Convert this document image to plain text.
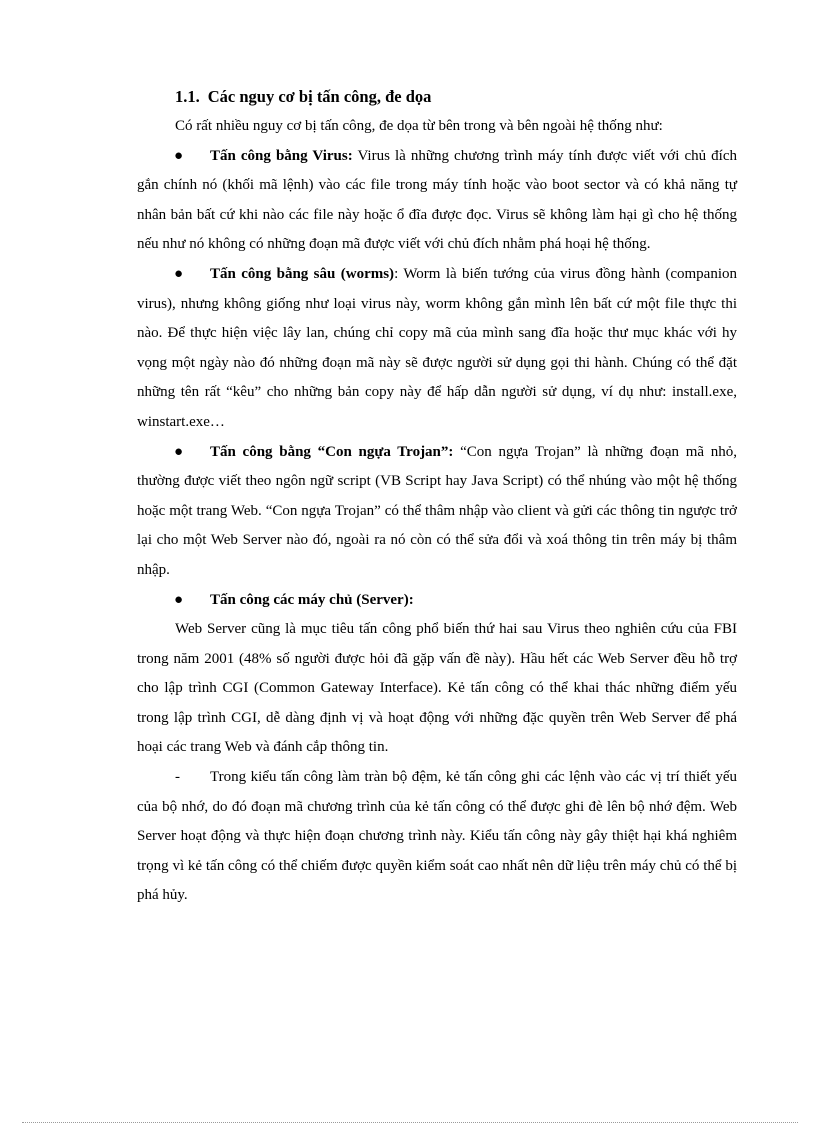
1.1. Các nguy cơ bị tấn công, đe dọa

Có rất nhiều nguy cơ bị tấn công, đe dọa từ bên trong và bên ngoài hệ thống như:

● Tấn công bằng Virus: Virus là những chương trình máy tính được viết với chủ đích gắn chính nó (khối mã lệnh) vào các file trong máy tính hoặc vào boot sector và có khả năng tự nhân bản bất cứ khi nào các file này hoặc ổ đĩa được đọc. Virus sẽ không làm hại gì cho hệ thống nếu như nó không có những đoạn mã được viết với chủ đích nhằm phá hoại hệ thống.

● Tấn công bằng sâu (worms): Worm là biến tướng của virus đồng hành (companion virus), nhưng không giống như loại virus này, worm không gắn mình lên bất cứ một file thực thi nào. Để thực hiện việc lây lan, chúng chỉ copy mã của mình sang đĩa hoặc thư mục khác với hy vọng một ngày nào đó những đoạn mã này sẽ được người sử dụng gọi thi hành. Chúng có thể đặt những tên rất “kêu” cho những bản copy này để hấp dẫn người sử dụng, ví dụ như: install.exe, winstart.exe…

● Tấn công bằng “Con ngựa Trojan”: “Con ngựa Trojan” là những đoạn mã nhỏ, thường được viết theo ngôn ngữ script (VB Script hay Java Script) có thể nhúng vào một hệ thống hoặc một trang Web. “Con ngựa Trojan” có thể thâm nhập vào client và gửi các thông tin ngược trở lại cho một Web Server nào đó, ngoài ra nó còn có thể sửa đổi và xoá thông tin trên máy bị thâm nhập.

● Tấn công các máy chủ (Server):

Web Server cũng là mục tiêu tấn công phổ biến thứ hai sau Virus theo nghiên cứu của FBI trong năm 2001 (48% số người được hỏi đã gặp vấn đề này). Hầu hết các Web Server đều hỗ trợ cho lập trình CGI (Common Gateway Interface). Kẻ tấn công có thể khai thác những điểm yếu trong lập trình CGI, dễ dàng định vị và hoạt động với những đặc quyền trên Web Server để phá hoại các trang Web và đánh cắp thông tin.

- Trong kiểu tấn công làm tràn bộ đệm, kẻ tấn công ghi các lệnh vào các vị trí thiết yếu của bộ nhớ, do đó đoạn mã chương trình của kẻ tấn công có thể được ghi đè lên bộ nhớ đệm. Web Server hoạt động và thực hiện đoạn chương trình này. Kiểu tấn công này gây thiệt hại khá nghiêm trọng vì kẻ tấn công có thể chiếm được quyền kiểm soát cao nhất nên dữ liệu trên máy chủ có thể bị phá hủy.
